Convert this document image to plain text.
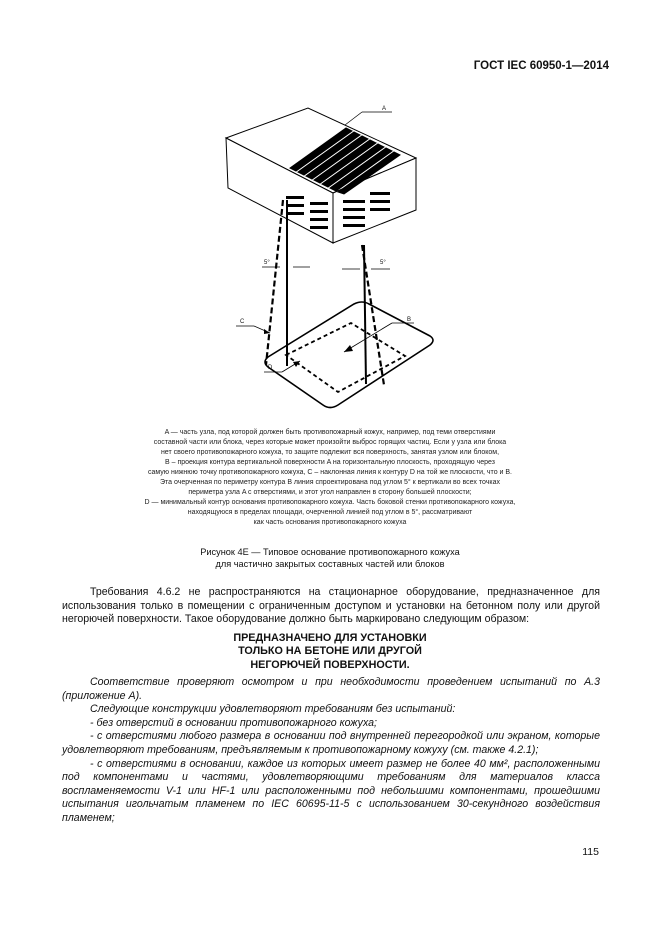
ГОСТ IEC 60950-1—2014
A
5°	5°
B
C
D

A — часть узла, под которой должен быть противопожарный кожух, например, под теми отверстиями

составной части или блока, через которые может произойти выброс горящих частиц. Если у узла или блока

нет своего противопожарного кожуха, то защите подлежит вся поверхность, занятая узлом или блоком,

B – проекция контура вертикальной поверхности A на горизонтальную плоскость, проходящую через

самую нижнюю точку противопожарного кожуха, C – наклонная линия к контуру D на той же плоскости, что и B.

Эта очерченная по периметру контура B линия спроектирована под углом 5° к вертикали во всех точках

периметра узла A с отверстиями, и этот угол направлен в сторону большей плоскости;

D — минимальный контур основания противопожарного кожуха. Часть боковой стенки противопожарного кожуха,

находящуюся в пределах площади, очерченной линией под углом в 5°, рассматривают

как часть основания противопожарного кожуха

Рисунок 4E — Типовое основание противопожарного кожуха

для частично закрытых составных частей или блоков

Требования 4.6.2 не распространяются на стационарное оборудование, предназначенное для использования только в помещении с ограниченным доступом и установки на бетонном полу или другой негорючей поверхности. Такое оборудование должно быть маркировано следующим образом:

ПРЕДНАЗНАЧЕНО ДЛЯ УСТАНОВКИ
ТОЛЬКО НА БЕТОНЕ ИЛИ ДРУГОЙ
НЕГОРЮЧЕЙ ПОВЕРХНОСТИ.

Соответствие проверяют осмотром и при необходимости проведением испытаний по А.3 (приложение А).

Следующие конструкции удовлетворяют требованиям без испытаний:

- без отверстий в основании противопожарного кожуха;

- с отверстиями любого размера в основании под внутренней перегородкой или экраном, которые удовлетворяют требованиям, предъявляемым к противопожарному кожуху (см. также 4.2.1);

- с отверстиями в основании, каждое из которых имеет размер не более 40 мм², расположенными под компонентами и частями, удовлетворяющими требованиям для материалов класса воспламеняемости V-1 или HF-1 или расположенными под небольшими компонентами, прошедшими испытания игольчатым пламенем по IEC 60695-11-5 с использованием 30-секундного воздействия пламенем;

115
